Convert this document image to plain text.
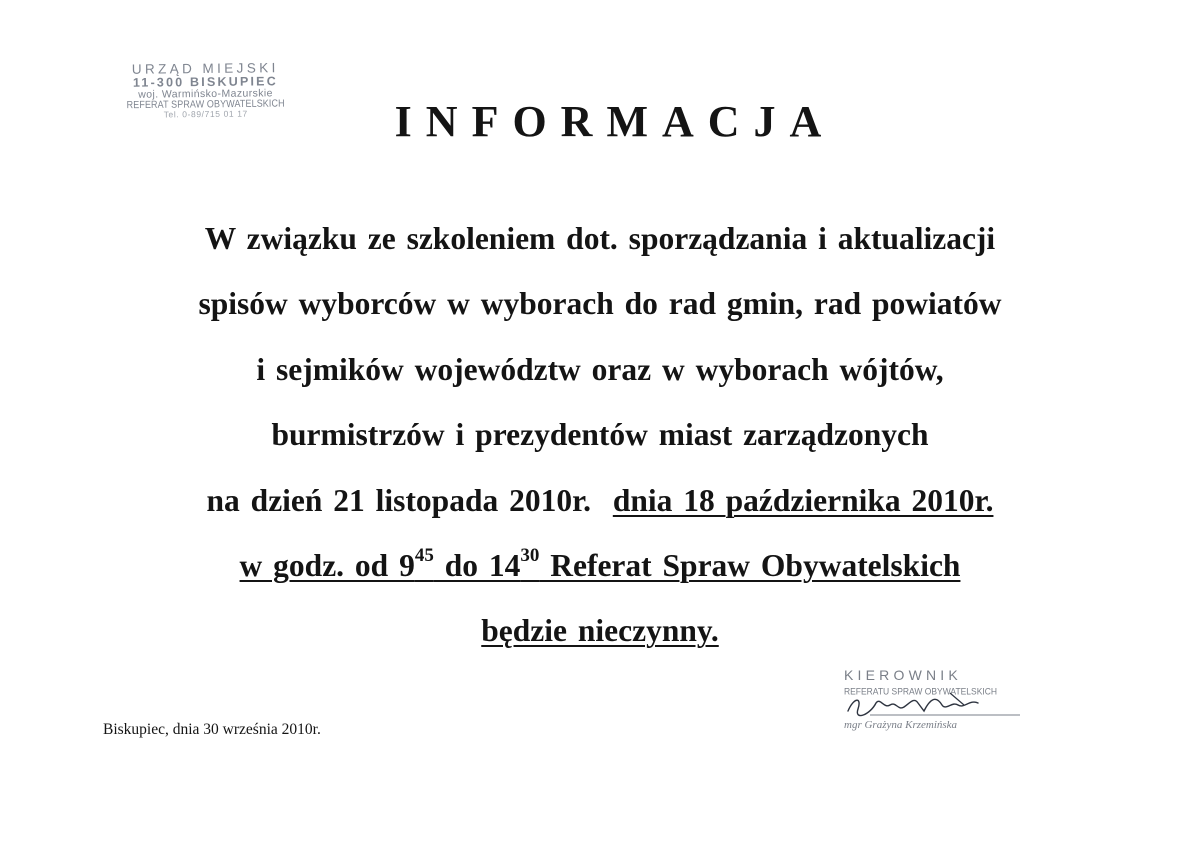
URZĄD MIEJSKI
11-300 BISKUPIEC
woj. Warmińsko-Mazurskie
REFERAT SPRAW OBYWATELSKICH
Tel. 0-89/715 01 17	INFORMACJA
W związku ze szkoleniem dot. sporządzania i aktualizacji
spisów wyborców w wyborach do rad gmin, rad powiatów
i sejmików województw oraz w wyborach wójtów,
burmistrzów i prezydentów miast zarządzonych
na dzień 21 listopada 2010r. dnia 18 października 2010r.
w godz. od $9^{45}$ do $14^{30}$ Referat Spraw Obywatelskich
będzie nieczynny.
Biskupiec, dnia 30 września 2010r.
KIEROWNIK
REFERATU SPRAW OBYWATELSKICH
mgr Grażyna Krzemińska
